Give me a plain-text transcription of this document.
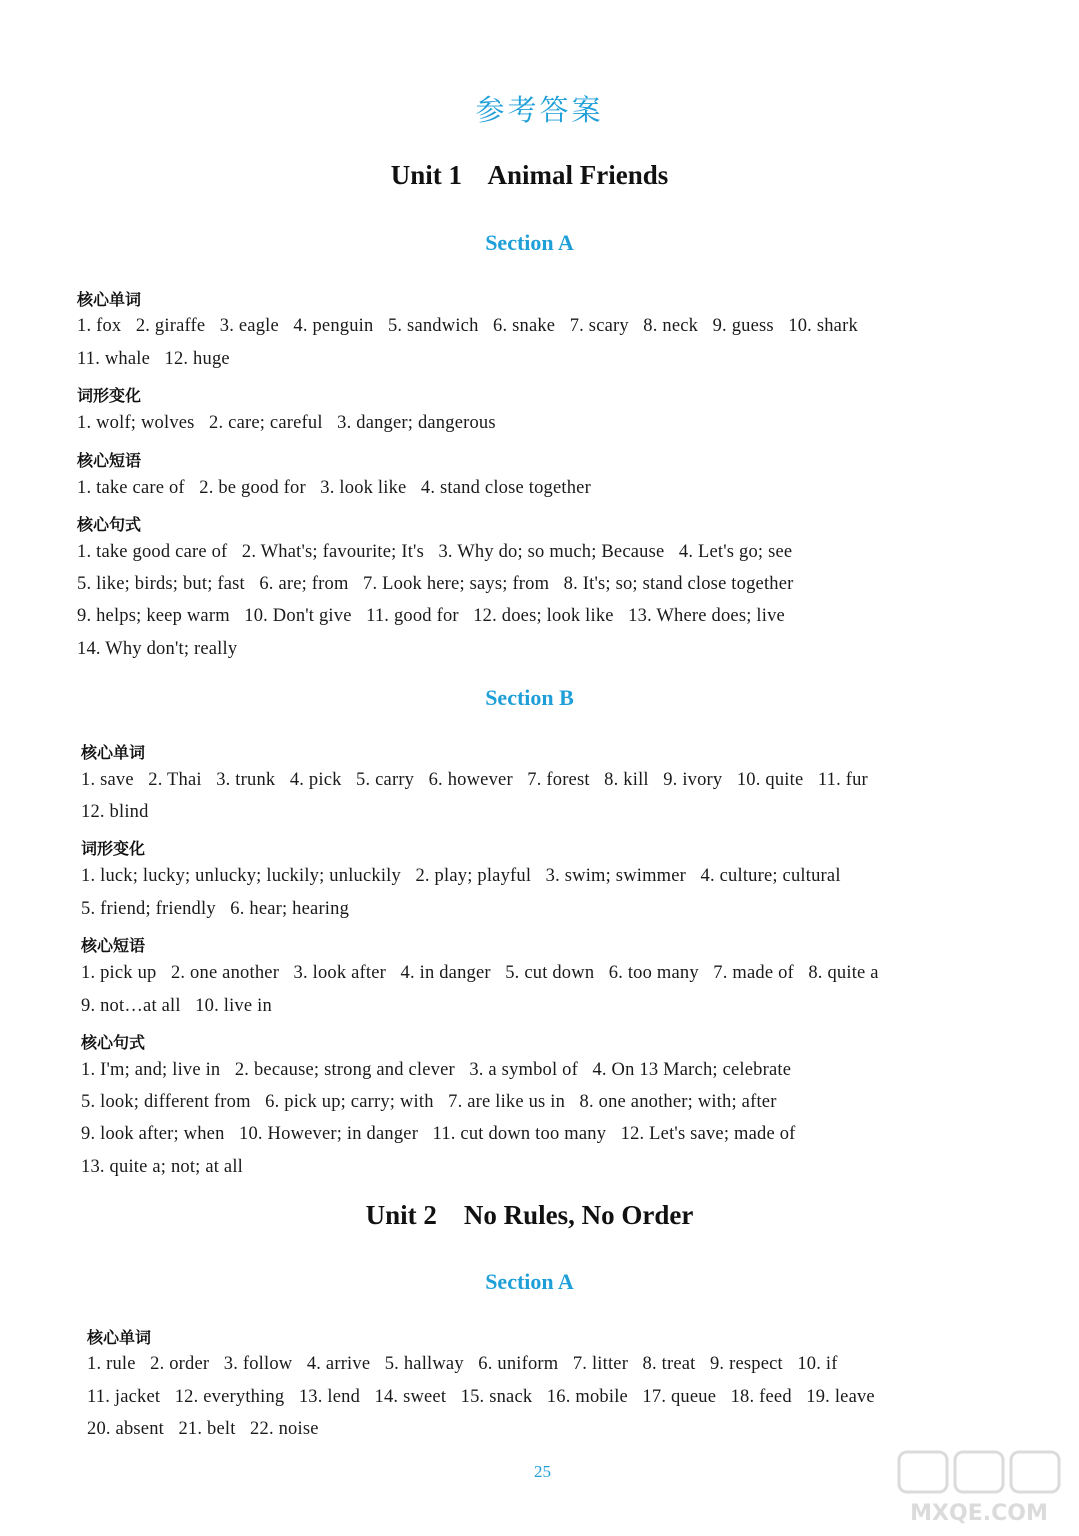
参考答案
Unit 1    Animal Friends
Section A
核心单词
1. fox   2. giraffe   3. eagle   4. penguin   5. sandwich   6. snake   7. scary   8. neck   9. guess   10. shark
11. whale   12. huge
词形变化
1. wolf; wolves   2. care; careful   3. danger; dangerous
核心短语
1. take care of   2. be good for   3. look like   4. stand close together
核心句式
1. take good care of   2. What's; favourite; It's   3. Why do; so much; Because   4. Let's go; see
5. like; birds; but; fast   6. are; from   7. Look here; says; from   8. It's; so; stand close together
9. helps; keep warm   10. Don't give   11. good for   12. does; look like   13. Where does; live
14. Why don't; really
Section B
核心单词
1. save   2. Thai   3. trunk   4. pick   5. carry   6. however   7. forest   8. kill   9. ivory   10. quite   11. fur
12. blind
词形变化
1. luck; lucky; unlucky; luckily; unluckily   2. play; playful   3. swim; swimmer   4. culture; cultural
5. friend; friendly   6. hear; hearing
核心短语
1. pick up   2. one another   3. look after   4. in danger   5. cut down   6. too many   7. made of   8. quite a
9. not…at all   10. live in
核心句式
1. I'm; and; live in   2. because; strong and clever   3. a symbol of   4. On 13 March; celebrate
5. look; different from   6. pick up; carry; with   7. are like us in   8. one another; with; after
9. look after; when   10. However; in danger   11. cut down too many   12. Let's save; made of
13. quite a; not; at all
Unit 2    No Rules, No Order
Section A
核心单词
1. rule   2. order   3. follow   4. arrive   5. hallway   6. uniform   7. litter   8. treat   9. respect   10. if
11. jacket   12. everything   13. lend   14. sweet   15. snack   16. mobile   17. queue   18. feed   19. leave
20. absent   21. belt   22. noise
25
MXQE.COM
